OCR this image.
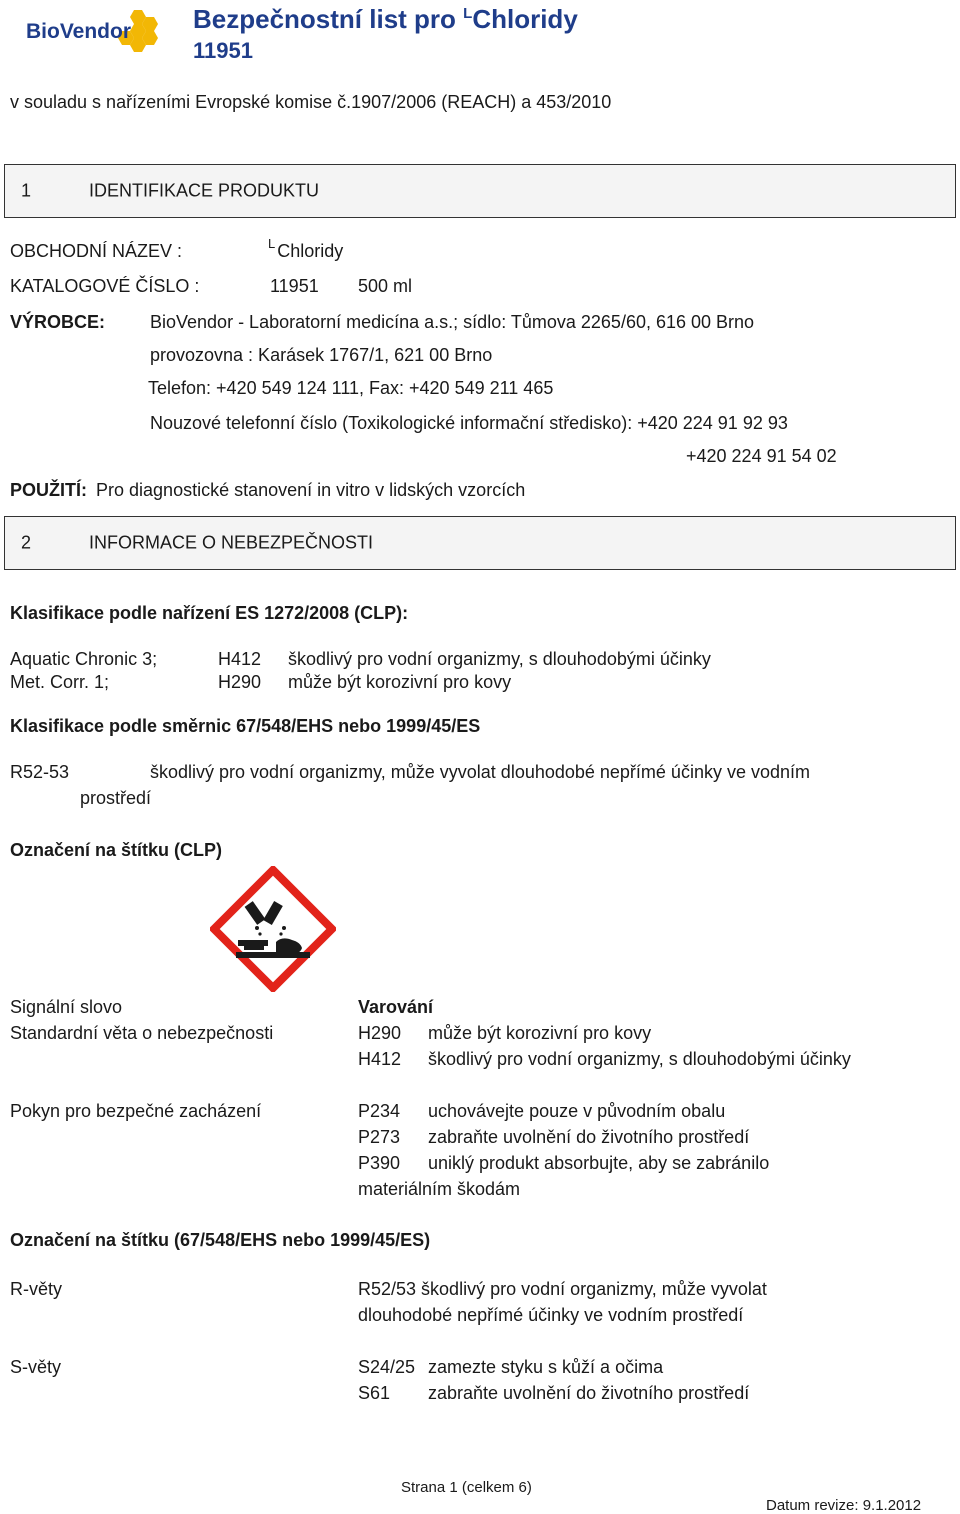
BioVendor Bezpečnostní list pro $^L$Chloridy
11951
v souladu s nařízeními Evropské komise č.1907/2006 (REACH) a 453/2010
1	IDENTIFIKACE PRODUKTU
OBCHODNÍ NÁZEV :	$^L$ Chloridy
KATALOGOVÉ ČÍSLO :	11951 500 ml
VÝROBCE: BioVendor - Laboratorní medicína a.s.; sídlo: Tůmova 2265/60, 616 00 Brno
provozovna : Karásek 1767/1, 621 00 Brno
Telefon: +420 549 124 111, Fax: +420 549 211 465
Nouzové telefonní číslo (Toxikologické informační středisko): +420 224 91 92 93
+420 224 91 54 02
POUŽITÍ: Pro diagnostické stanovení in vitro v lidských vzorcích
2	INFORMACE O NEBEZPEČNOSTI
Klasifikace podle nařízení ES 1272/2008 (CLP):
Aquatic Chronic 3;	H412 škodlivý pro vodní organizmy, s dlouhodobými účinky
Met. Corr. 1;	H290 může být korozivní pro kovy
Klasifikace podle směrnic 67/548/EHS nebo 1999/45/ES
R52-53	škodlivý pro vodní organizmy, může vyvolat dlouhodobé nepřímé účinky ve vodním
prostředí
Označení na štítku (CLP)
Signální slovo	Varování
Standardní věta o nebezpečnosti	H290 může být korozivní pro kovy
H412 škodlivý pro vodní organizmy, s dlouhodobými účinky
Pokyn pro bezpečné zacházení	P234 uchovávejte pouze v původním obalu
P273 zabraňte uvolnění do životního prostředí
P390 uniklý produkt absorbujte, aby se zabránilo
materiálním škodám
Označení na štítku (67/548/EHS nebo 1999/45/ES)
R-věty	R52/53 škodlivý pro vodní organizmy, může vyvolat
dlouhodobé nepřímé účinky ve vodním prostředí
S-věty	S24/25 zamezte styku s kůží a očima
S61 zabraňte uvolnění do životního prostředí
Strana 1 (celkem 6)
Datum revize: 9.1.2012
